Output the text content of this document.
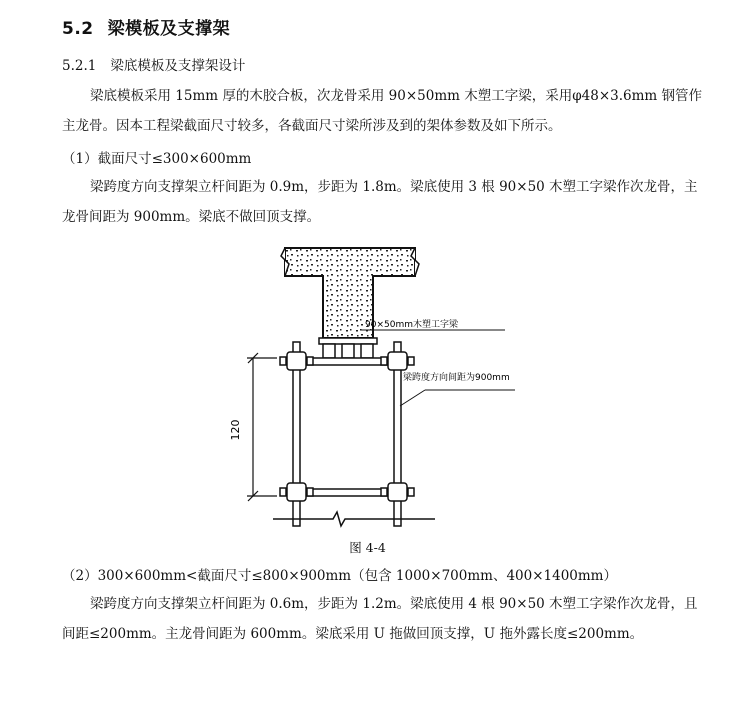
5.2 梁模板及支撑架
5.2.1 梁底模板及支撑架设计

梁底模板采用 15mm 厚的木胶合板，次龙骨采用 90×50mm 木塑工字梁，采用φ48×3.6mm 钢管作主龙骨。因本工程梁截面尺寸较多，各截面尺寸梁所涉及到的架体参数及如下所示。

（1）截面尺寸≤300×600mm

梁跨度方向支撑架立杆间距为 0.9m，步距为 1.8m。梁底使用 3 根 90×50 木塑工字梁作次龙骨，主龙骨间距为 900mm。梁底不做回顶支撑。

120
90×50mm木塑工字梁
梁跨度方向间距为900mm
图 4-4
（2）300×600mm<截面尺寸≤800×900mm（包含 1000×700mm、400×1400mm）

梁跨度方向支撑架立杆间距为 0.6m，步距为 1.2m。梁底使用 4 根 90×50 木塑工字梁作次龙骨，且间距≤200mm。主龙骨间距为 600mm。梁底采用 U 拖做回顶支撑，U 拖外露长度≤200mm。
